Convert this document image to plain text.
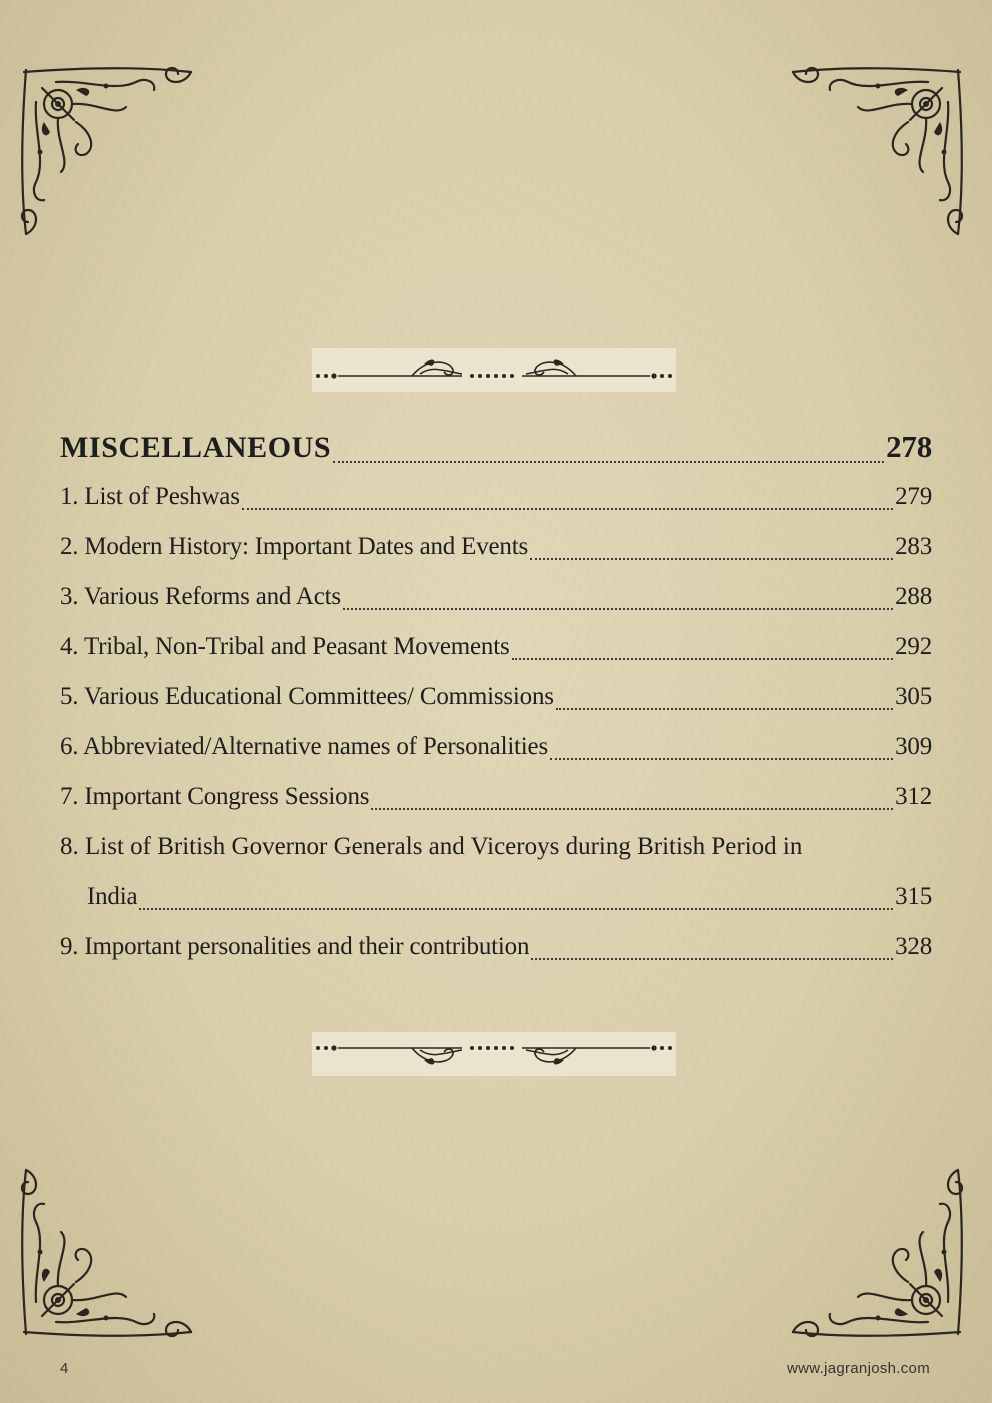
MISCELLANEOUS	278
1. List of Peshwas	279
2. Modern History: Important Dates and Events	283
3. Various Reforms and Acts	288
4. Tribal, Non-Tribal and Peasant Movements	292
5. Various Educational Committees/ Commissions	305
6. Abbreviated/Alternative names of Personalities	309
7. Important Congress Sessions	312
8. List of British Governor Generals and Viceroys during British Period in
India	315
9. Important personalities and their contribution	328
4	www.jagranjosh.com
